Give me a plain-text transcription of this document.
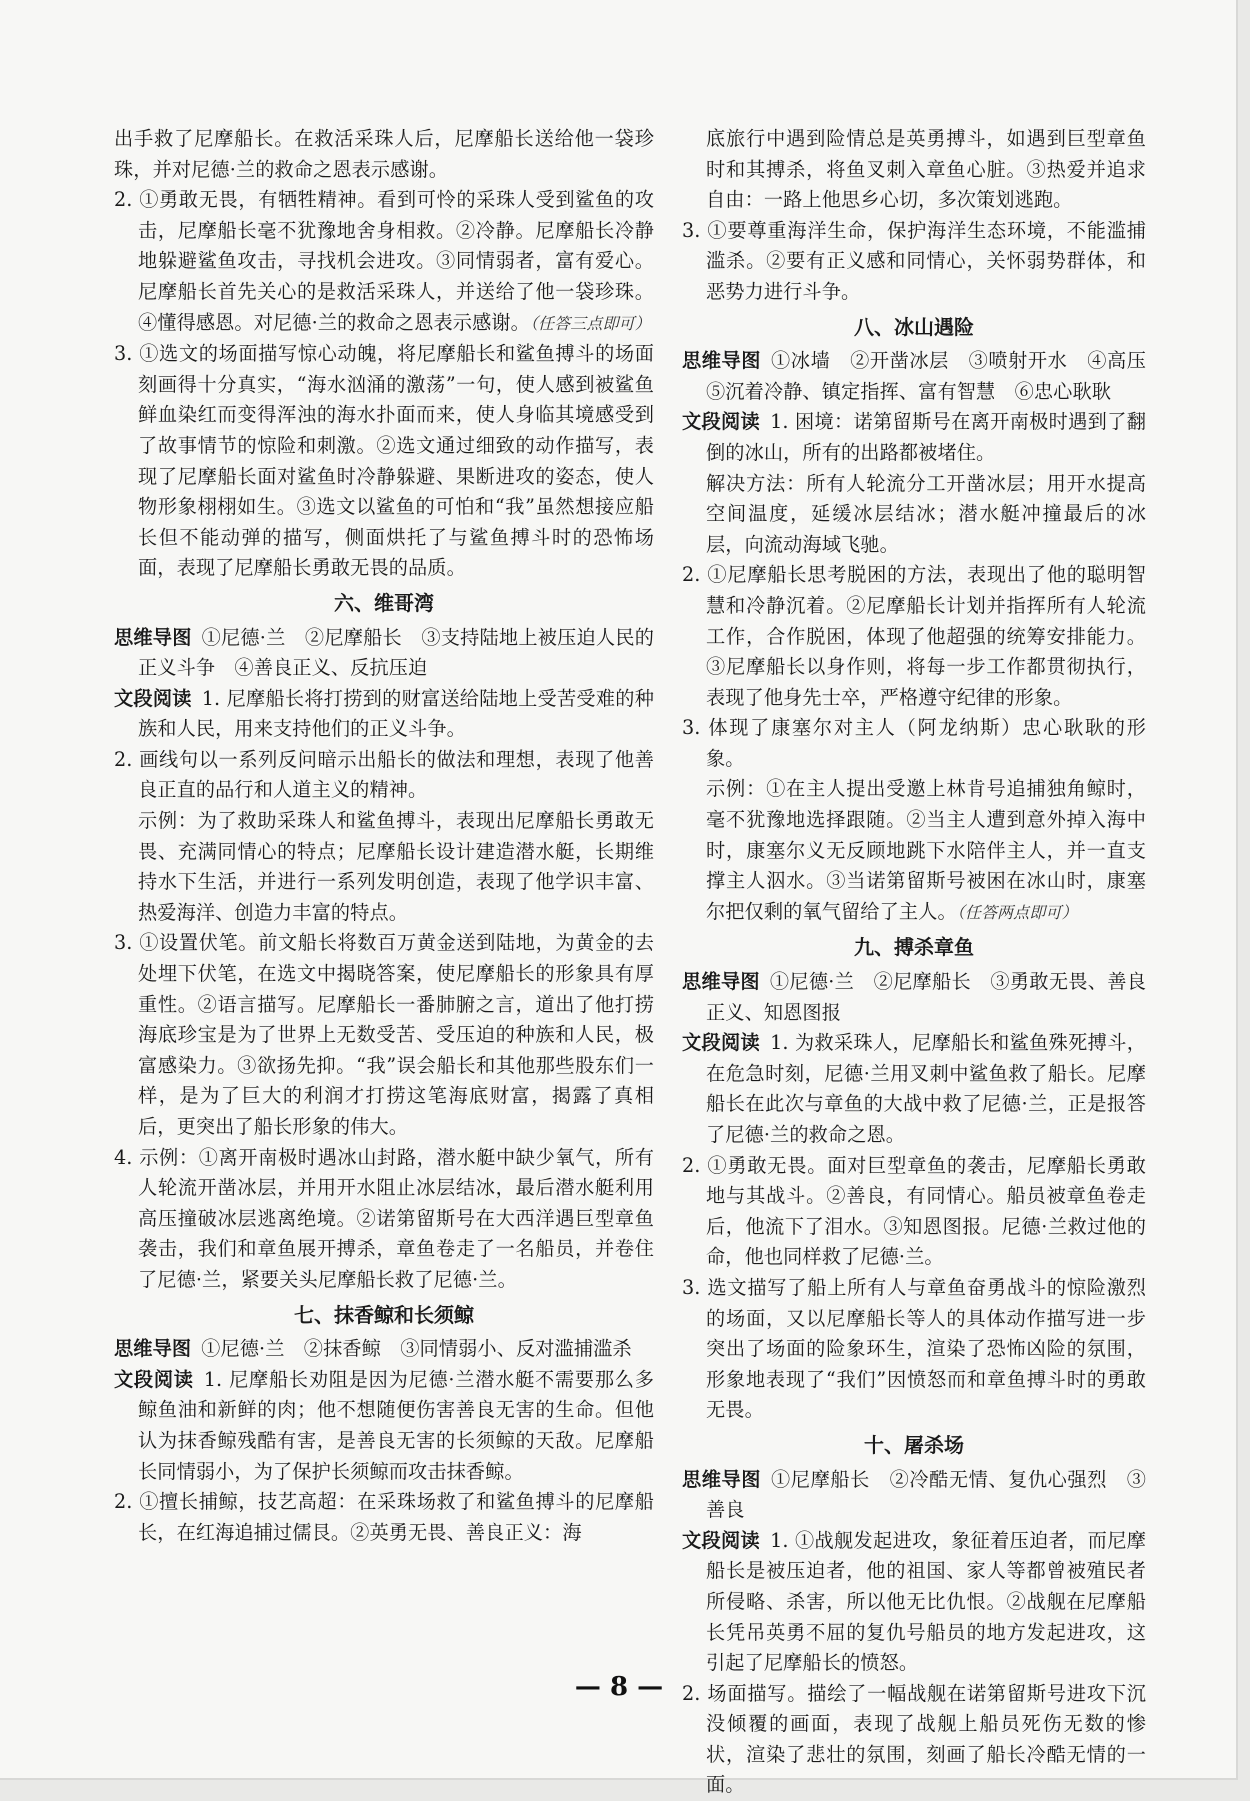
出手救了尼摩船长。在救活采珠人后，尼摩船长送给他一袋珍珠，并对尼德·兰的救命之恩表示感谢。

2. ①勇敢无畏，有牺牲精神。看到可怜的采珠人受到鲨鱼的攻击，尼摩船长毫不犹豫地舍身相救。②冷静。尼摩船长冷静地躲避鲨鱼攻击，寻找机会进攻。③同情弱者，富有爱心。尼摩船长首先关心的是救活采珠人，并送给了他一袋珍珠。④懂得感恩。对尼德·兰的救命之恩表示感谢。（任答三点即可）

3. ①选文的场面描写惊心动魄，将尼摩船长和鲨鱼搏斗的场面刻画得十分真实，“海水汹涌的激荡”一句，使人感到被鲨鱼鲜血染红而变得浑浊的海水扑面而来，使人身临其境感受到了故事情节的惊险和刺激。②选文通过细致的动作描写，表现了尼摩船长面对鲨鱼时冷静躲避、果断进攻的姿态，使人物形象栩栩如生。③选文以鲨鱼的可怕和“我”虽然想接应船长但不能动弹的描写，侧面烘托了与鲨鱼搏斗时的恐怖场面，表现了尼摩船长勇敢无畏的品质。

六、维哥湾

思维导图 ①尼德·兰　②尼摩船长　③支持陆地上被压迫人民的正义斗争　④善良正义、反抗压迫

文段阅读 1. 尼摩船长将打捞到的财富送给陆地上受苦受难的种族和人民，用来支持他们的正义斗争。

2. 画线句以一系列反问暗示出船长的做法和理想，表现了他善良正直的品行和人道主义的精神。

示例：为了救助采珠人和鲨鱼搏斗，表现出尼摩船长勇敢无畏、充满同情心的特点；尼摩船长设计建造潜水艇，长期维持水下生活，并进行一系列发明创造，表现了他学识丰富、热爱海洋、创造力丰富的特点。

3. ①设置伏笔。前文船长将数百万黄金送到陆地，为黄金的去处埋下伏笔，在选文中揭晓答案，使尼摩船长的形象具有厚重性。②语言描写。尼摩船长一番肺腑之言，道出了他打捞海底珍宝是为了世界上无数受苦、受压迫的种族和人民，极富感染力。③欲扬先抑。“我”误会船长和其他那些股东们一样，是为了巨大的利润才打捞这笔海底财富，揭露了真相后，更突出了船长形象的伟大。

4. 示例：①离开南极时遇冰山封路，潜水艇中缺少氧气，所有人轮流开凿冰层，并用开水阻止冰层结冰，最后潜水艇利用高压撞破冰层逃离绝境。②诺第留斯号在大西洋遇巨型章鱼袭击，我们和章鱼展开搏杀，章鱼卷走了一名船员，并卷住了尼德·兰，紧要关头尼摩船长救了尼德·兰。

七、抹香鲸和长须鲸

思维导图 ①尼德·兰　②抹香鲸　③同情弱小、反对滥捕滥杀

文段阅读 1. 尼摩船长劝阻是因为尼德·兰潜水艇不需要那么多鲸鱼油和新鲜的肉；他不想随便伤害善良无害的生命。但他认为抹香鲸残酷有害，是善良无害的长须鲸的天敌。尼摩船长同情弱小，为了保护长须鲸而攻击抹香鲸。

2. ①擅长捕鲸，技艺高超：在采珠场救了和鲨鱼搏斗的尼摩船长，在红海追捕过儒艮。②英勇无畏、善良正义：海

底旅行中遇到险情总是英勇搏斗，如遇到巨型章鱼时和其搏杀，将鱼叉刺入章鱼心脏。③热爱并追求自由：一路上他思乡心切，多次策划逃跑。

3. ①要尊重海洋生命，保护海洋生态环境，不能滥捕滥杀。②要有正义感和同情心，关怀弱势群体，和恶势力进行斗争。

八、冰山遇险

思维导图 ①冰墙　②开凿冰层　③喷射开水　④高压　⑤沉着冷静、镇定指挥、富有智慧　⑥忠心耿耿

文段阅读 1. 困境：诺第留斯号在离开南极时遇到了翻倒的冰山，所有的出路都被堵住。

解决方法：所有人轮流分工开凿冰层；用开水提高空间温度，延缓冰层结冰；潜水艇冲撞最后的冰层，向流动海域飞驰。

2. ①尼摩船长思考脱困的方法，表现出了他的聪明智慧和冷静沉着。②尼摩船长计划并指挥所有人轮流工作，合作脱困，体现了他超强的统筹安排能力。③尼摩船长以身作则，将每一步工作都贯彻执行，表现了他身先士卒，严格遵守纪律的形象。

3. 体现了康塞尔对主人（阿龙纳斯）忠心耿耿的形象。

示例：①在主人提出受邀上林肯号追捕独角鲸时，毫不犹豫地选择跟随。②当主人遭到意外掉入海中时，康塞尔义无反顾地跳下水陪伴主人，并一直支撑主人泅水。③当诺第留斯号被困在冰山时，康塞尔把仅剩的氧气留给了主人。（任答两点即可）

九、搏杀章鱼

思维导图 ①尼德·兰　②尼摩船长　③勇敢无畏、善良正义、知恩图报

文段阅读 1. 为救采珠人，尼摩船长和鲨鱼殊死搏斗，在危急时刻，尼德·兰用叉刺中鲨鱼救了船长。尼摩船长在此次与章鱼的大战中救了尼德·兰，正是报答了尼德·兰的救命之恩。

2. ①勇敢无畏。面对巨型章鱼的袭击，尼摩船长勇敢地与其战斗。②善良，有同情心。船员被章鱼卷走后，他流下了泪水。③知恩图报。尼德·兰救过他的命，他也同样救了尼德·兰。

3. 选文描写了船上所有人与章鱼奋勇战斗的惊险激烈的场面，又以尼摩船长等人的具体动作描写进一步突出了场面的险象环生，渲染了恐怖凶险的氛围，形象地表现了“我们”因愤怒而和章鱼搏斗时的勇敢无畏。

十、屠杀场

思维导图 ①尼摩船长　②冷酷无情、复仇心强烈　③善良

文段阅读 1. ①战舰发起进攻，象征着压迫者，而尼摩船长是被压迫者，他的祖国、家人等都曾被殖民者所侵略、杀害，所以他无比仇恨。②战舰在尼摩船长凭吊英勇不屈的复仇号船员的地方发起进攻，这引起了尼摩船长的愤怒。

2. 场面描写。描绘了一幅战舰在诺第留斯号进攻下沉没倾覆的画面，表现了战舰上船员死伤无数的惨状，渲染了悲壮的氛围，刻画了船长冷酷无情的一面。

— 8 —
